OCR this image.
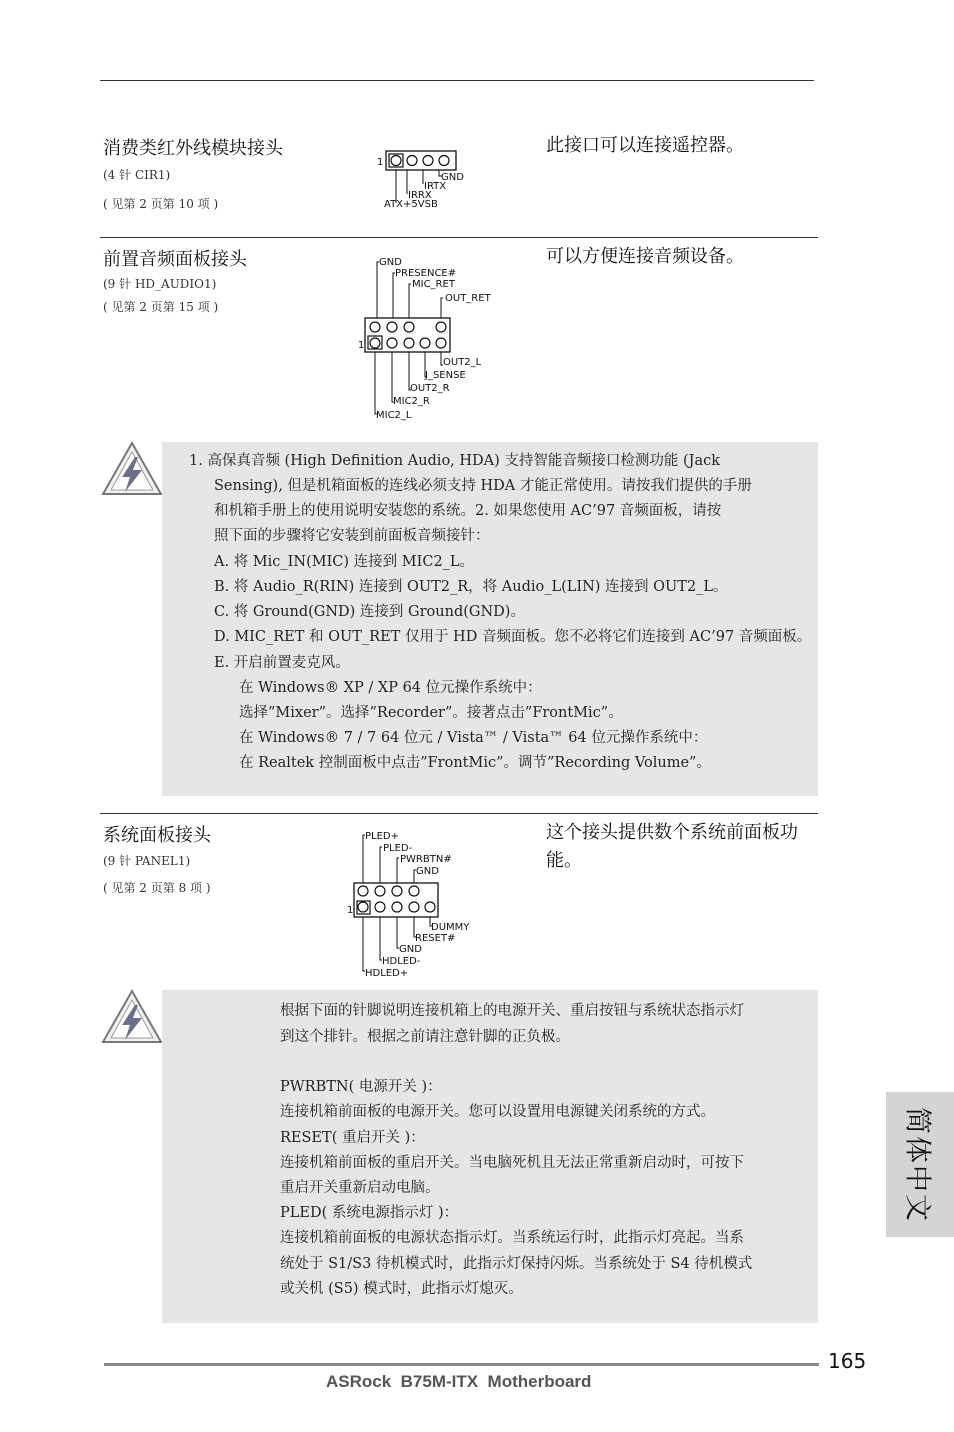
消费类红外线模块接头
(4 针 CIR1)
( 见第 2 页第 10 项 )
此接口可以连接遥控器。
1
GND
IRTX
IRRX
ATX+5VSB
前置音频面板接头
(9 针 HD_AUDIO1)
( 见第 2 页第 15 项 )
可以方便连接音频设备。
GND
PRESENCE#
MIC_RET
OUT_RET
1
OUT2_L
J_SENSE
OUT2_R
MIC2_R
MIC2_L
1. 高保真音频 (High Definition Audio, HDA) 支持智能音频接口检测功能 (Jack
Sensing), 但是机箱面板的连线必须支持 HDA 才能正常使用。请按我们提供的手册
和机箱手册上的使用说明安装您的系统。2. 如果您使用 AC’97 音频面板，请按
照下面的步骤将它安装到前面板音频接针：
A. 将 Mic_IN(MIC) 连接到 MIC2_L。
B. 将 Audio_R(RIN) 连接到 OUT2_R，将 Audio_L(LIN) 连接到 OUT2_L。
C. 将 Ground(GND) 连接到 Ground(GND)。
D. MIC_RET 和 OUT_RET 仅用于 HD 音频面板。您不必将它们连接到 AC’97 音频面板。
E. 开启前置麦克风。
在 Windows® XP / XP 64 位元操作系统中：
选择”Mixer”。选择”Recorder”。接著点击”FrontMic”。
在 Windows® 7 / 7 64 位元 / Vista™ / Vista™ 64 位元操作系统中：
在 Realtek 控制面板中点击”FrontMic”。调节”Recording Volume”。
系统面板接头
(9 针 PANEL1)
( 见第 2 页第 8 项 )
这个接头提供数个系统前面板功
能。
PLED+
PLED-
PWRBTN#
GND
1
DUMMY
RESET#
GND
HDLED-
HDLED+
根据下面的针脚说明连接机箱上的电源开关、重启按钮与系统状态指示灯
到这个排针。根据之前请注意针脚的正负极。
PWRBTN( 电源开关 )：
连接机箱前面板的电源开关。您可以设置用电源键关闭系统的方式。
RESET( 重启开关 )：
连接机箱前面板的重启开关。当电脑死机且无法正常重新启动时，可按下
重启开关重新启动电脑。
PLED( 系统电源指示灯 )：
连接机箱前面板的电源状态指示灯。当系统运行时，此指示灯亮起。当系
统处于 S1/S3 待机模式时，此指示灯保持闪烁。当系统处于 S4 待机模式
或关机 (S5) 模式时，此指示灯熄灭。
简体中文
165
ASRock  B75M-ITX  Motherboard
